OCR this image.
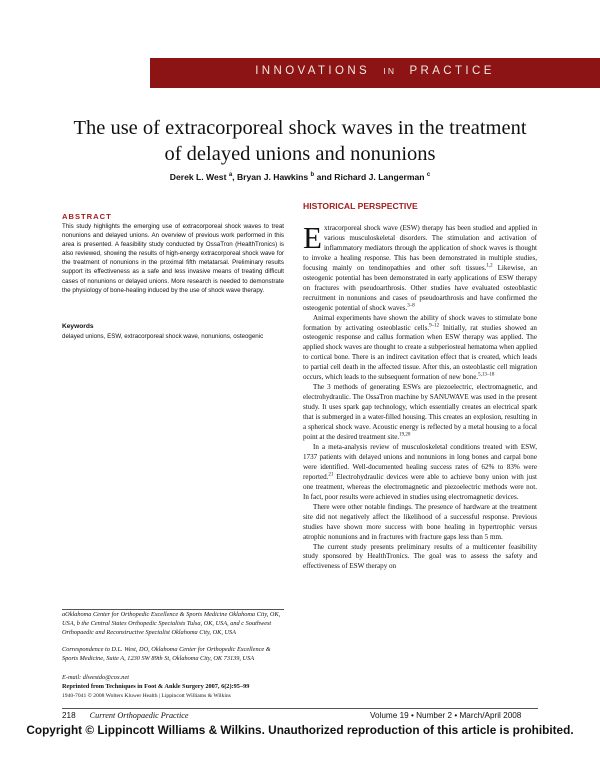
INNOVATIONS IN PRACTICE
The use of extracorporeal shock waves in the treatment
of delayed unions and nonunions
Derek L. West $^a$, Bryan J. Hawkins $^b$ and Richard J. Langerman $^c$
ABSTRACT
This study highlights the emerging use of extracorporeal shock waves to treat nonunions and delayed unions. An overview of previous work performed in this area is presented. A feasibility study conducted by OssaTron (HealthTronics) is also reviewed, showing the results of high-energy extracorporeal shock wave for the treatment of nonunions in the proximal fifth metatarsal. Preliminary results support its effectiveness as a safe and less invasive means of treating difficult cases of nonunions or delayed unions. More research is needed to demonstrate the physiology of bone-healing induced by the use of shock wave therapy.
Keywords
delayed unions, ESW, extracorporeal shock wave, nonunions, osteogenic
HISTORICAL PERSPECTIVE

Extracorporeal shock wave (ESW) therapy has been studied and applied in various musculoskeletal disorders. The stimulation and activation of inflammatory mediators through the application of shock waves is thought to invoke a healing response. This has been demonstrated in multiple studies, focusing mainly on tendinopathies and other soft tissues.$^{1,2}$ Likewise, an osteogenic potential has been demonstrated in early applications of ESW therapy on fractures with pseudoarthrosis. Other studies have evaluated osteoblastic recruitment in nonunions and cases of pseudoarthrosis and have confirmed the osteogenic potential of shock waves.$^{3-8}$

Animal experiments have shown the ability of shock waves to stimulate bone formation by activating osteoblastic cells.$^{9-12}$ Initially, rat studies showed an osteogenic response and callus formation when ESW therapy was applied. The applied shock waves are thought to create a subperiosteal hematoma when applied to cortical bone. There is an indirect cavitation effect that is created, which leads to partial cell death in the affected tissue. After this, an osteoblastic cell migration occurs, which leads to the subsequent formation of new bone.$^{5,13-18}$

The 3 methods of generating ESWs are piezoelectric, electromagnetic, and electrohydraulic. The OssaTron machine by SANUWAVE was used in the present study. It uses spark gap technology, which essentially creates an electrical spark that is submerged in a water-filled housing. This creates an explosion, resulting in a spherical shock wave. Acoustic energy is reflected by a metal housing to a focal point at the desired treatment site.$^{19,20}$

In a meta-analysis review of musculoskeletal conditions treated with ESW, 1737 patients with delayed unions and nonunions in long bones and carpal bone were identified. Well-documented healing success rates of 62% to 83% were reported.$^{21}$ Electrohydraulic devices were able to achieve bony union with just one treatment, whereas the electromagnetic and piezoelectric methods were not. In fact, poor results were achieved in studies using electromagnetic devices.

There were other notable findings. The presence of hardware at the treatment site did not negatively affect the likelihood of a successful response. Previous studies have shown more success with bone healing in hypertrophic versus atrophic nonunions and in fractures with fracture gaps less than 5 mm.

The current study presents preliminary results of a multicenter feasibility study sponsored by HealthTronics. The goal was to assess the safety and effectiveness of ESW therapy on

aOklahoma Center for Orthopedic Excellence & Sports Medicine Oklahoma City, OK, USA, b the Central States Orthopedic Specialists Tulsa, OK, USA, and c Southwest Orthopaedic and Reconstructive Specialist Oklahoma City, OK, USA
Correspondence to D.L. West, DO, Oklahoma Center for Orthopedic Excellence & Sports Medicine, Suite A, 1230 SW 89th St, Oklahoma City, OK 73139, USA
E-mail: dlwestdo@cox.net
Reprinted from Techniques in Foot & Ankle Surgery 2007, 6(2):95–99
1940-7041 © 2008 Wolters Kluwer Health | Lippincott Williams & Wilkins
218 Current Orthopaedic Practice	Volume 19 • Number 2 • March/April 2008
Copyright © Lippincott Williams & Wilkins. Unauthorized reproduction of this article is prohibited.
